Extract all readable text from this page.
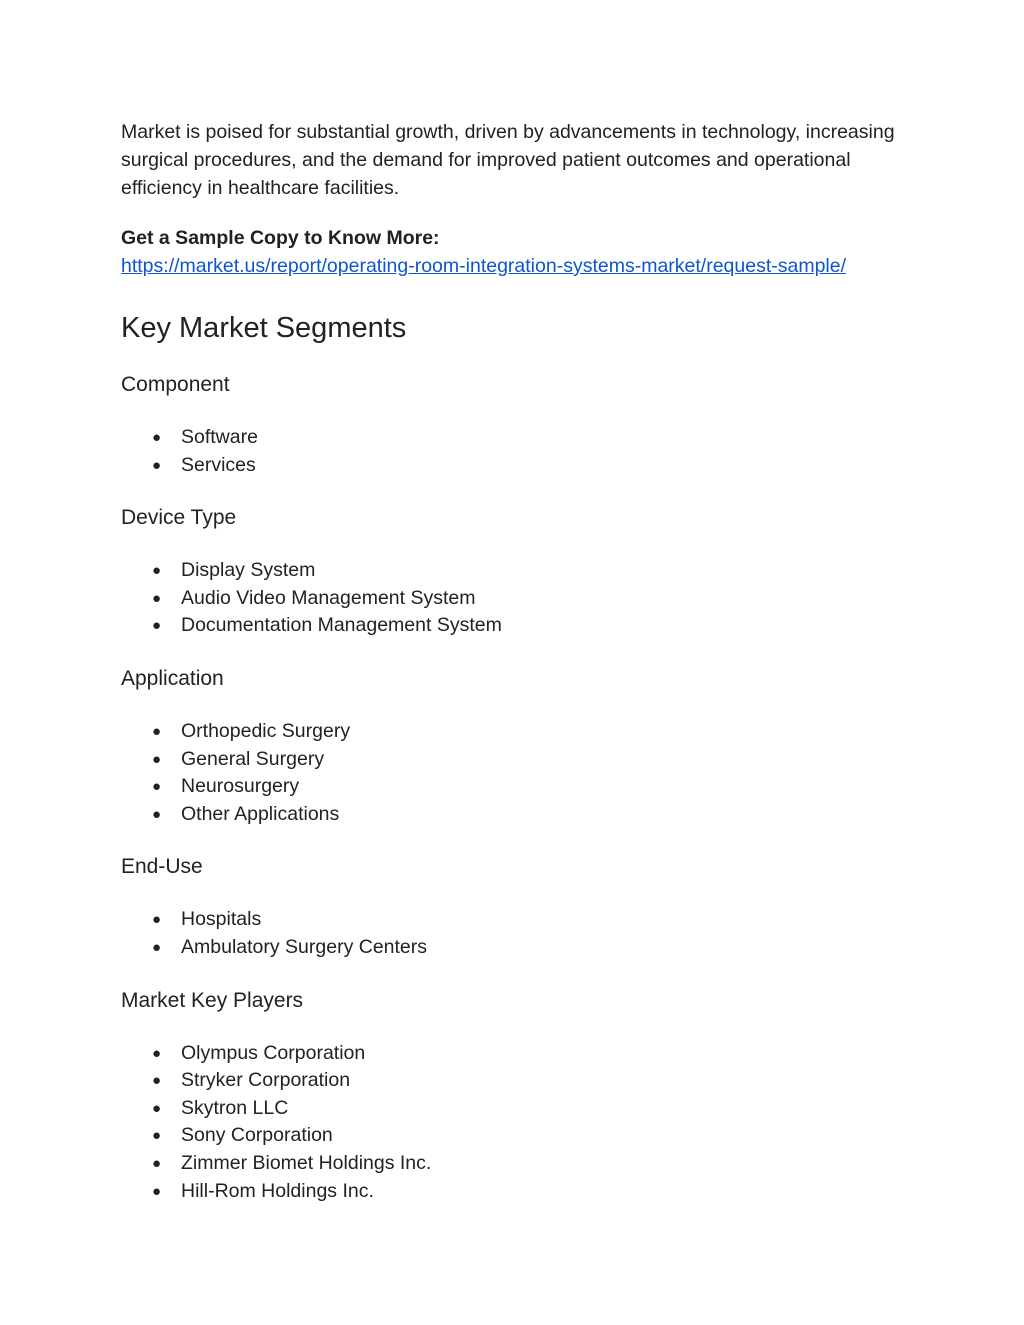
Market is poised for substantial growth, driven by advancements in technology, increasing surgical procedures, and the demand for improved patient outcomes and operational efficiency in healthcare facilities.

Get a Sample Copy to Know More:
https://market.us/report/operating-room-integration-systems-market/request-sample/

Key Market Segments
Component
● Software
● Services
Device Type
● Display System
● Audio Video Management System
● Documentation Management System
Application
● Orthopedic Surgery
● General Surgery
● Neurosurgery
● Other Applications
End-Use
● Hospitals
● Ambulatory Surgery Centers
Market Key Players
● Olympus Corporation
● Stryker Corporation
● Skytron LLC
● Sony Corporation
● Zimmer Biomet Holdings Inc.
● Hill-Rom Holdings Inc.
